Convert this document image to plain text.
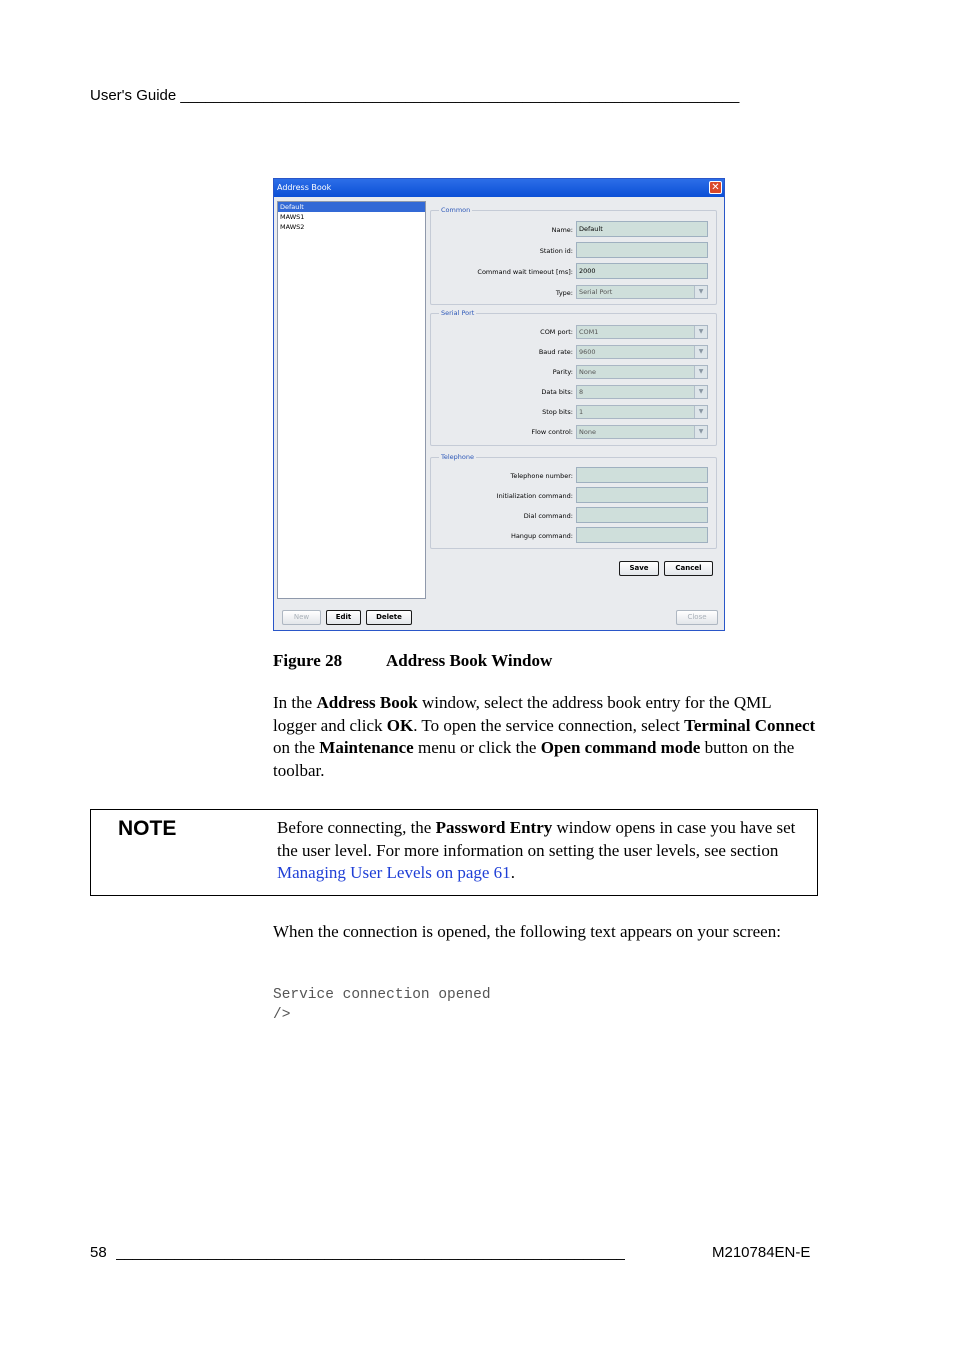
User's Guide ___________________________________________________________________
Address Book	✕
Default
MAWS1
MAWS2
Common
Name: Default
Station id:
Command wait timeout [ms]: 2000
Type: Serial Port	▼
Serial Port
COM port: COM1	▼
Baud rate: 9600	▼
Parity: None	▼
Data bits: 8	▼
Stop bits: 1	▼
Flow control: None	▼
Telephone
Telephone number:
Initialization command:
Dial command:
Hangup command:
Save	Cancel
New	Edit	Delete	Close
Figure 28	Address Book Window
In the Address Book window, select the address book entry for the QML logger and click OK. To open the service connection, select Terminal Connect on the Maintenance menu or click the Open command mode button on the toolbar.
NOTE	Before connecting, the Password Entry window opens in case you have set the user level. For more information on setting the user levels, see section Managing User Levels on page 61.
When the connection is opened, the following text appears on your screen:
Service connection opened
/>
58 _____________________________________________________________	M210784EN-E
